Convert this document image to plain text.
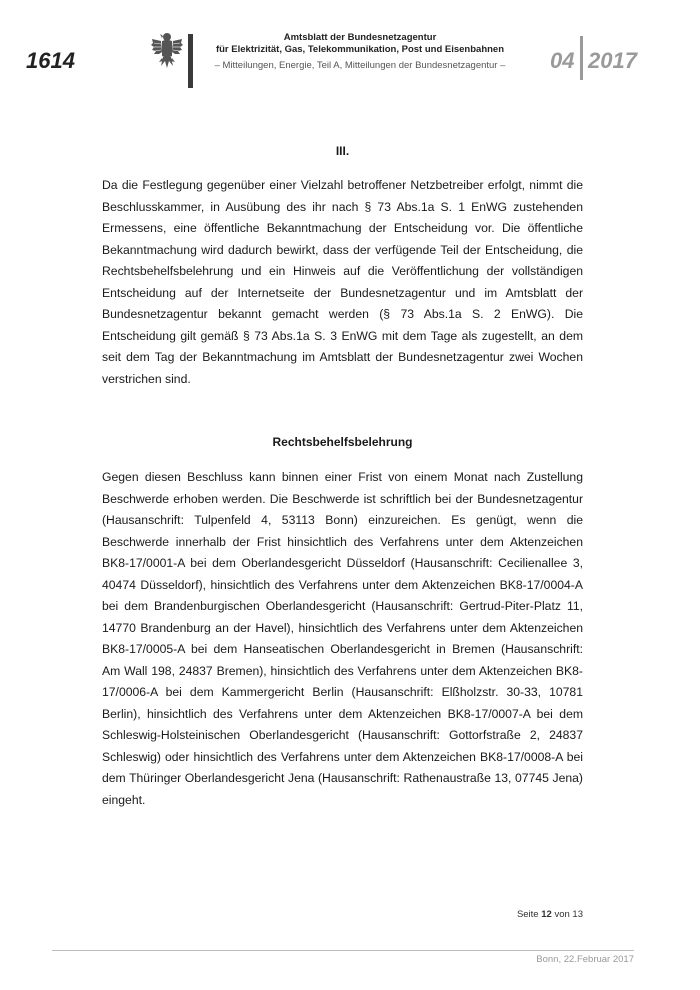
1614
Amtsblatt der Bundesnetzagentur
für Elektrizität, Gas, Telekommunikation, Post und Eisenbahnen
– Mitteilungen, Energie, Teil A, Mitteilungen der Bundesnetzagentur –	04 2017
III.
Da die Festlegung gegenüber einer Vielzahl betroffener Netzbetreiber erfolgt, nimmt die Beschlusskammer, in Ausübung des ihr nach § 73 Abs.1a S. 1 EnWG zustehenden Ermessens, eine öffentliche Bekanntmachung der Entscheidung vor. Die öffentliche Bekanntmachung wird dadurch bewirkt, dass der verfügende Teil der Entscheidung, die Rechtsbehelfsbelehrung und ein Hinweis auf die Veröffentlichung der vollständigen Entscheidung auf der Internetseite der Bundesnetzagentur und im Amtsblatt der Bundesnetzagentur bekannt gemacht werden (§ 73 Abs.1a S. 2 EnWG). Die Entscheidung gilt gemäß § 73 Abs.1a S. 3 EnWG mit dem Tage als zugestellt, an dem seit dem Tag der Bekanntmachung im Amtsblatt der Bundesnetzagentur zwei Wochen verstrichen sind.
Rechtsbehelfsbelehrung
Gegen diesen Beschluss kann binnen einer Frist von einem Monat nach Zustellung Beschwerde erhoben werden. Die Beschwerde ist schriftlich bei der Bundesnetzagentur (Hausanschrift: Tulpenfeld 4, 53113 Bonn) einzureichen. Es genügt, wenn die Beschwerde innerhalb der Frist hinsichtlich des Verfahrens unter dem Aktenzeichen BK8-17/0001-A bei dem Oberlandesgericht Düsseldorf (Hausanschrift: Cecilienallee 3, 40474 Düsseldorf), hinsichtlich des Verfahrens unter dem Aktenzeichen BK8-17/0004-A bei dem Brandenburgischen Oberlandesgericht (Hausanschrift: Gertrud-Piter-Platz 11, 14770 Brandenburg an der Havel), hinsichtlich des Verfahrens unter dem Aktenzeichen BK8-17/0005-A bei dem Hanseatischen Oberlandesgericht in Bremen (Hausanschrift: Am Wall 198, 24837 Bremen), hinsichtlich des Verfahrens unter dem Aktenzeichen BK8-17/0006-A bei dem Kammergericht Berlin (Hausanschrift: Elßholzstr. 30-33, 10781 Berlin), hinsichtlich des Verfahrens unter dem Aktenzeichen BK8-17/0007-A bei dem Schleswig-Holsteinischen Oberlandesgericht (Hausanschrift: Gottorfstraße 2, 24837 Schleswig) oder hinsichtlich des Verfahrens unter dem Aktenzeichen BK8-17/0008-A bei dem Thüringer Oberlandesgericht Jena (Hausanschrift: Rathenaustraße 13, 07745 Jena) eingeht.
Seite 12 von 13
Bonn, 22.Februar 2017
